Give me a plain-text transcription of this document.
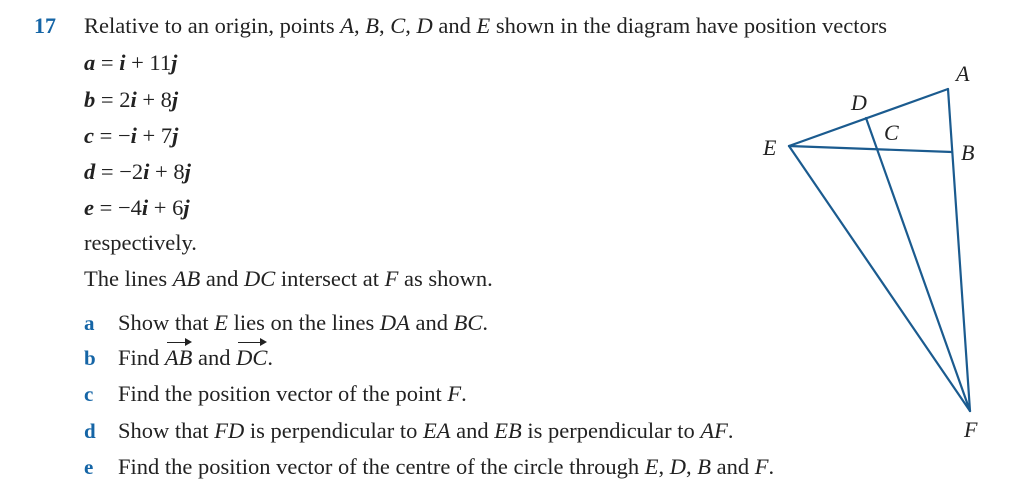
17 Relative to an origin, points A, B, C, D and E shown in the diagram have position vectors
a = i + 11j
b = 2i + 8j
c = −i + 7j
d = −2i + 8j
e = −4i + 6j
respectively.
The lines AB and DC intersect at F as shown.
a Show that E lies on the lines DA and BC.
b Find AB and DC.
c Find the position vector of the point F.
d Show that FD is perpendicular to EA and EB is perpendicular to AF.
e Find the position vector of the centre of the circle through E, D, B and F.
A
B
C
D
E
F
